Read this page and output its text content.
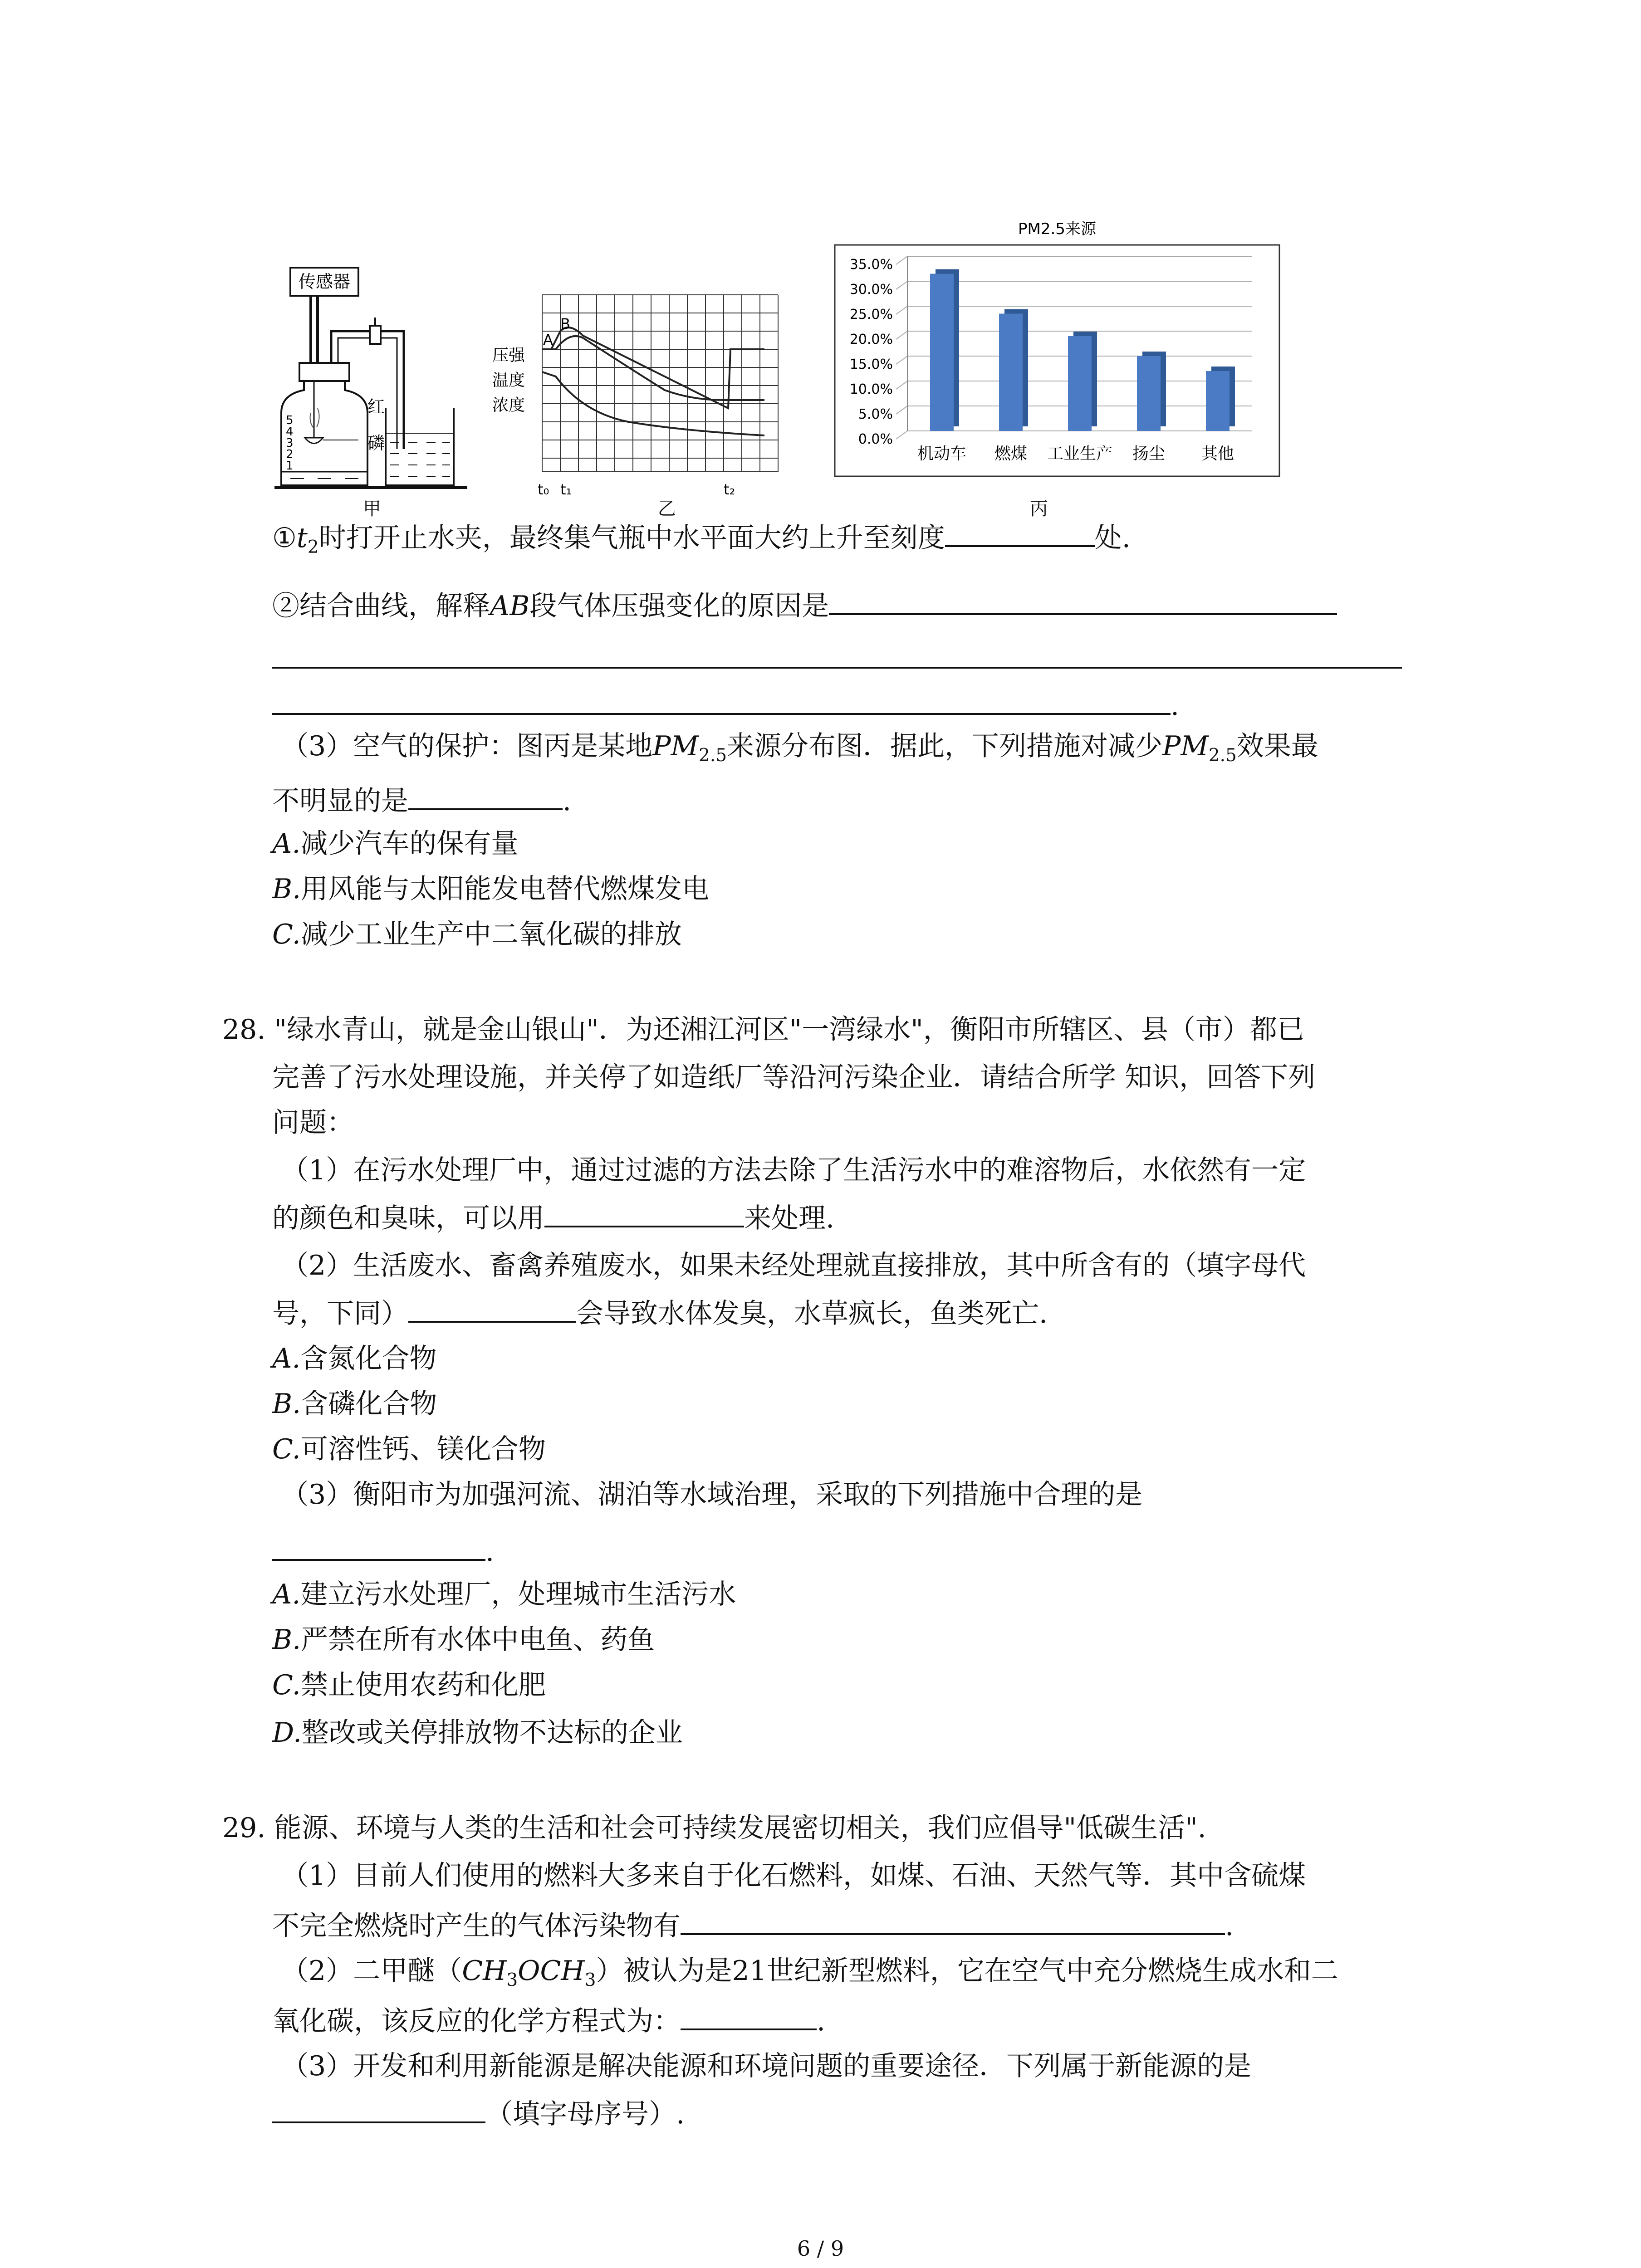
传感器
5
4
3
2
1
红
磷
甲
压强
温度
浓度
A
B
t₀ t₁	t₂
乙
PM2.5来源
0.0%
5.0%
10.0%
15.0%
20.0%
25.0%
30.0%
35.0%
机动车 燃煤 工业生产 扬尘 其他
丙
$①t_2$时打开止水夹，最终集气瓶中水平面大约上升至刻度	处.
②结合曲线，解释AB段气体压强变化的原因是
.
（3）空气的保护：图丙是某地$PM_{2.5}$来源分布图．据此，下列措施对减少$PM_{2.5}$效果最
不明显的是	.
A.减少汽车的保有量
B.用风能与太阳能发电替代燃煤发电
C.减少工业生产中二氧化碳的排放
28. "绿水青山，就是金山银山"．为还湘江河区"一湾绿水"，衡阳市所辖区、县（市）都已
完善了污水处理设施，并关停了如造纸厂等沿河污染企业．请结合所学 知识，回答下列
问题：
（1）在污水处理厂中，通过过滤的方法去除了生活污水中的难溶物后，水依然有一定
的颜色和臭味，可以用	来处理.
（2）生活废水、畜禽养殖废水，如果未经处理就直接排放，其中所含有的（填字母代
号，下同）	会导致水体发臭，水草疯长，鱼类死亡.
A.含氮化合物
B.含磷化合物
C.可溶性钙、镁化合物
（3）衡阳市为加强河流、湖泊等水域治理，采取的下列措施中合理的是
.
A.建立污水处理厂，处理城市生活污水
B.严禁在所有水体中电鱼、药鱼
C.禁止使用农药和化肥
D.整改或关停排放物不达标的企业
29. 能源、环境与人类的生活和社会可持续发展密切相关，我们应倡导"低碳生活".
（1）目前人们使用的燃料大多来自于化石燃料，如煤、石油、天然气等．其中含硫煤
不完全燃烧时产生的气体污染物有	.
（2）二甲醚$(CH_3OCH_3)$被认为是21世纪新型燃料，它在空气中充分燃烧生成水和二
氧化碳，该反应的化学方程式为：	.
（3）开发和利用新能源是解决能源和环境问题的重要途径．下列属于新能源的是
（填字母序号）.
6 / 9
